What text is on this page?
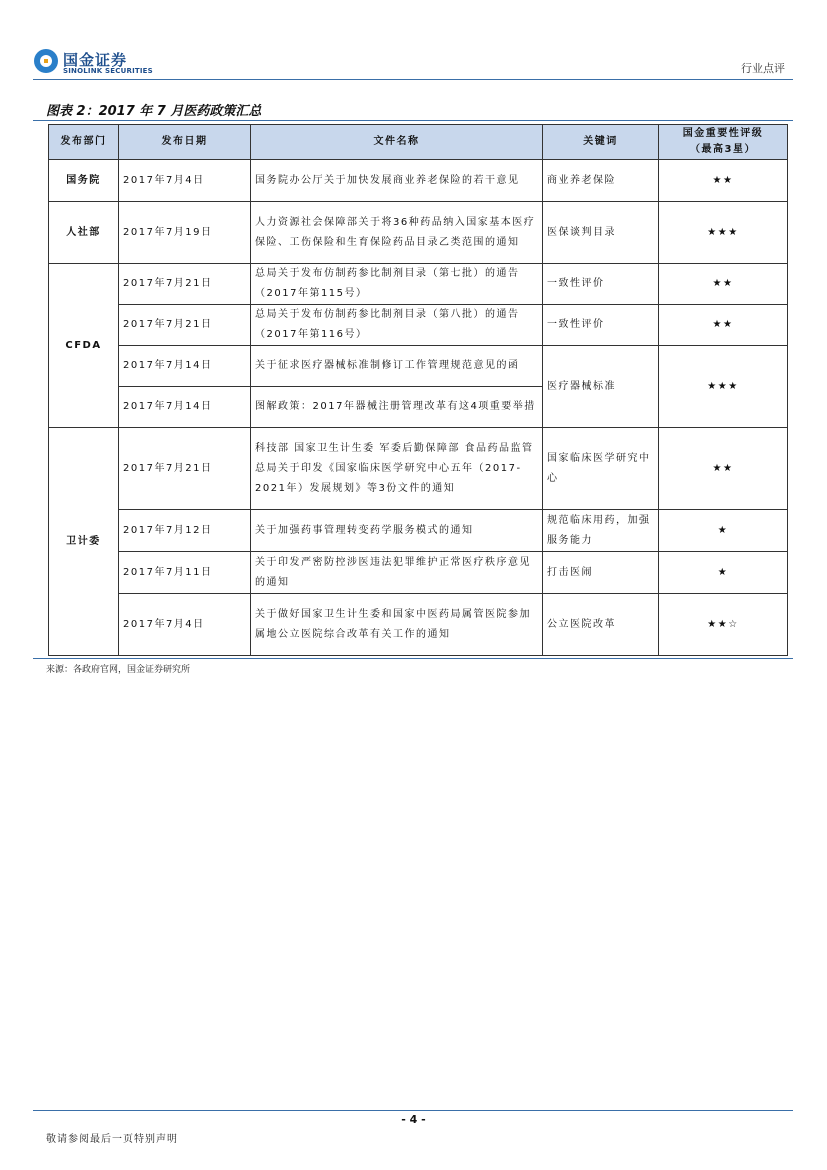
国金证券
SINOLINK SECURITIES	行业点评
图表 2：2017 年 7 月医药政策汇总
发布部门	发布日期	文件名称	关键词	国金重要性评级
（最高3星）

国务院	2017年7月4日	国务院办公厅关于加快发展商业养老保险的若干意见	商业养老保险	★★
人社部	2017年7月19日	人力资源社会保障部关于将36种药品纳入国家基本医疗保险、工伤保险和生育保险药品目录乙类范围的通知	医保谈判目录	★★★
CFDA	2017年7月21日	总局关于发布仿制药参比制剂目录（第七批）的通告（2017年第115号）	一致性评价	★★
	2017年7月21日	总局关于发布仿制药参比制剂目录（第八批）的通告（2017年第116号）	一致性评价	★★
	2017年7月14日	关于征求医疗器械标准制修订工作管理规范意见的函	医疗器械标准	★★★
	2017年7月14日	图解政策：2017年器械注册管理改革有这4项重要举措		
卫计委	2017年7月21日	科技部 国家卫生计生委 军委后勤保障部 食品药品监管总局关于印发《国家临床医学研究中心五年（2017-2021年）发展规划》等3份文件的通知	国家临床医学研究中心	★★
	2017年7月12日	关于加强药事管理转变药学服务模式的通知	规范临床用药，加强服务能力	★
	2017年7月11日	关于印发严密防控涉医违法犯罪维护正常医疗秩序意见的通知	打击医闹	★
	2017年7月4日	关于做好国家卫生计生委和国家中医药局属管医院参加属地公立医院综合改革有关工作的通知	公立医院改革	★★☆
来源：各政府官网，国金证券研究所
- 4 -
敬请参阅最后一页特别声明
